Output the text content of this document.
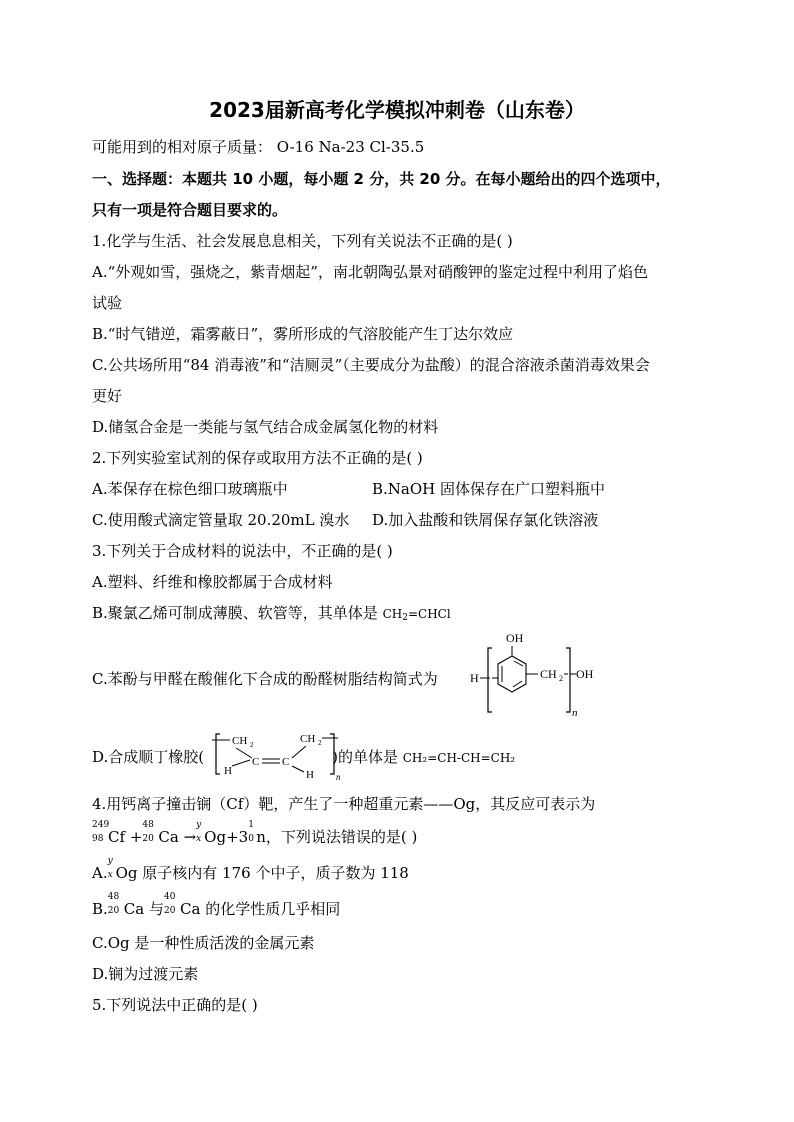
2023届新高考化学模拟冲刺卷（山东卷）
可能用到的相对原子质量： O-16 Na-23 Cl-35.5
一、选择题：本题共 10 小题，每小题 2 分，共 20 分。在每小题给出的四个选项中，
只有一项是符合题目要求的。
1.化学与生活、社会发展息息相关，下列有关说法不正确的是( )
A.“外观如雪，强烧之，紫青烟起”，南北朝陶弘景对硝酸钾的鉴定过程中利用了焰色
试验
B.“时气错逆，霜雾蔽日”，雾所形成的气溶胶能产生丁达尔效应
C.公共场所用“84 消毒液”和“洁厕灵”（主要成分为盐酸）的混合溶液杀菌消毒效果会
更好
D.储氢合金是一类能与氢气结合成金属氢化物的材料
2.下列实验室试剂的保存或取用方法不正确的是( )
A.苯保存在棕色细口玻璃瓶中	B.NaOH 固体保存在广口塑料瓶中
C.使用酸式滴定管量取 20.20mL 溴水 D.加入盐酸和铁屑保存氯化铁溶液
3.下列关于合成材料的说法中，不正确的是( )
A.塑料、纤维和橡胶都属于合成材料
B.聚氯乙烯可制成薄膜、软管等，其单体是 $CH_2=CHCl$
C.苯酚与甲醛在酸催化下合成的酚醛树脂结构简式为	H
OH
CH 2 OH
n
D.合成顺丁橡胶(	)的单体是 CH₂=CH-CH=CH₂
CH 2
H
C C
CH 2
H n
4.用钙离子撞击锎（Cf）靶，产生了一种超重元素——Og，其反应可表示为
249
98 Cf +
48
20 Ca →
y
x Og+3
1
0 n，下列说法错误的是( )
A.
y
x Og 原子核内有 176 个中子，质子数为 118
B.
48
20 Ca 与
40
20 Ca 的化学性质几乎相同
C.Og 是一种性质活泼的金属元素
D.锎为过渡元素
5.下列说法中正确的是( )
